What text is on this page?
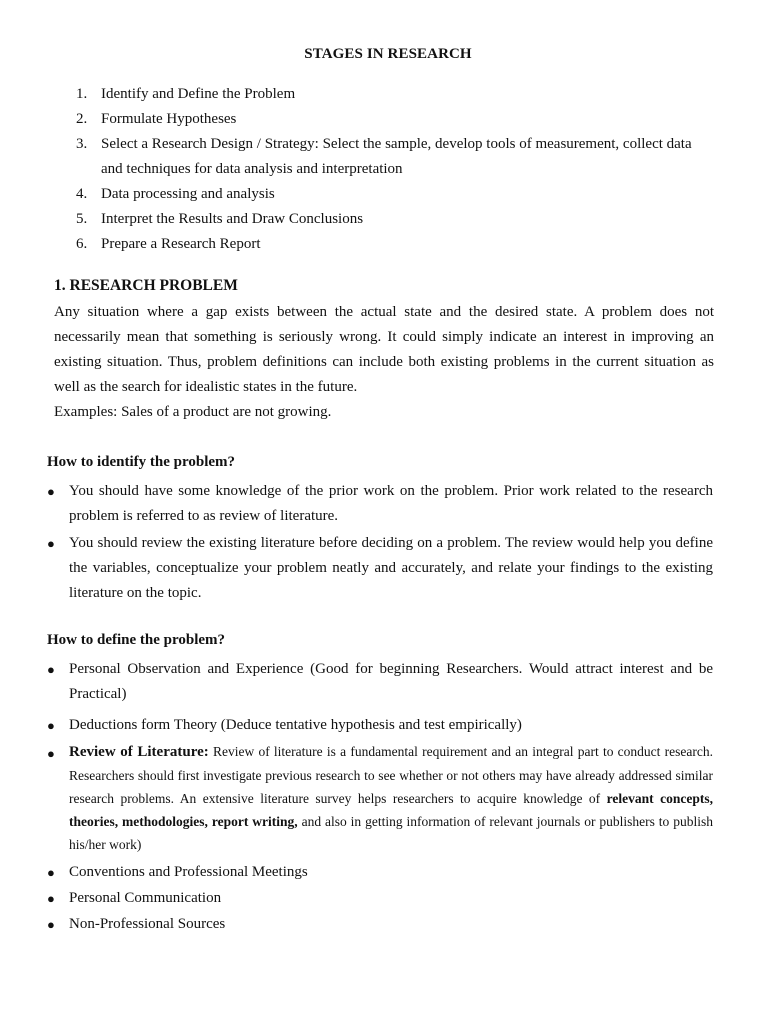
STAGES IN RESEARCH
1. Identify and Define the Problem
2. Formulate Hypotheses
3. Select a Research Design / Strategy: Select the sample, develop tools of measurement, collect data
and techniques for data analysis and interpretation
4. Data processing and analysis
5. Interpret the Results and Draw Conclusions
6. Prepare a Research Report
1. RESEARCH PROBLEM

Any situation where a gap exists between the actual state and the desired state. A problem does not necessarily mean that something is seriously wrong. It could simply indicate an interest in improving an existing situation. Thus, problem definitions can include both existing problems in the current situation as well as the search for idealistic states in the future.

Examples: Sales of a product are not growing.

How to identify the problem?
● You should have some knowledge of the prior work on the problem. Prior work related to the research problem is referred to as review of literature.
● You should review the existing literature before deciding on a problem. The review would help you define the variables, conceptualize your problem neatly and accurately, and relate your findings to the existing literature on the topic.
How to define the problem?
● Personal Observation and Experience (Good for beginning Researchers. Would attract interest and be Practical)
● Deductions form Theory (Deduce tentative hypothesis and test empirically)
● Review of Literature: Review of literature is a fundamental requirement and an integral part to conduct research. Researchers should first investigate previous research to see whether or not others may have already addressed similar research problems. An extensive literature survey helps researchers to acquire knowledge of relevant concepts, theories, methodologies, report writing, and also in getting information of relevant journals or publishers to publish his/her work)
● Conventions and Professional Meetings
● Personal Communication
● Non-Professional Sources
